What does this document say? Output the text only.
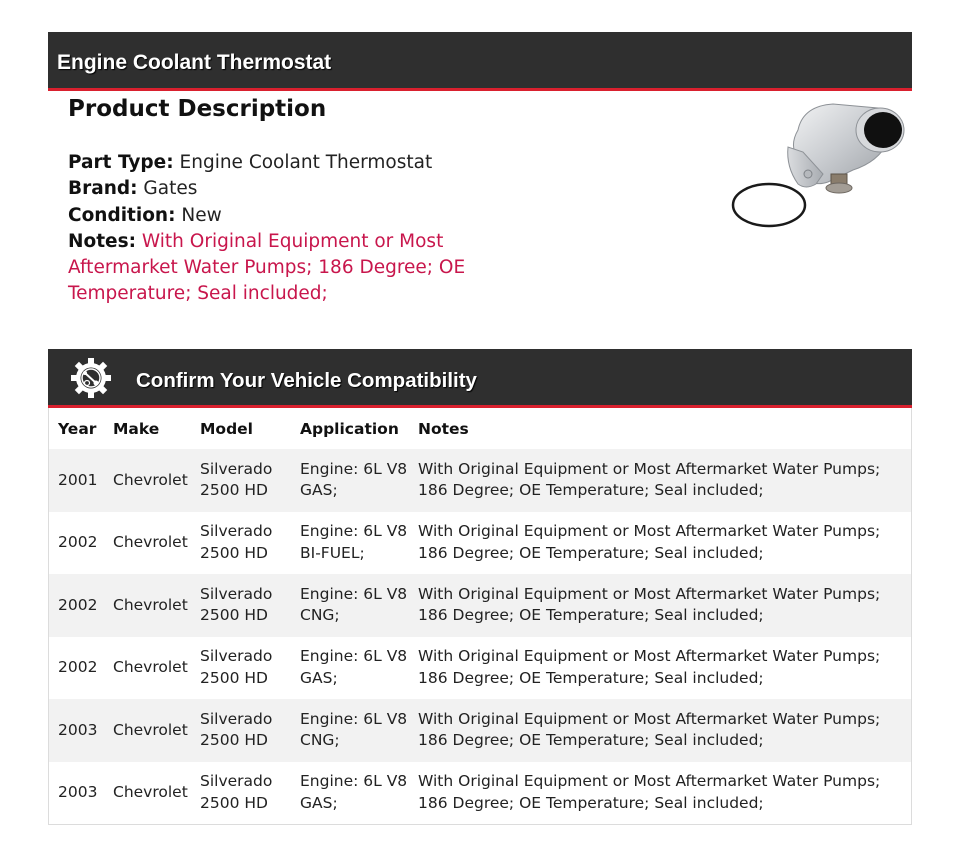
Engine Coolant Thermostat
Product Description
Part Type: Engine Coolant Thermostat
Brand: Gates
Condition: New
Notes: With Original Equipment or Most Aftermarket Water Pumps; 186 Degree; OE Temperature; Seal included;
Confirm Your Vehicle Compatibility
Year	Make	Model	Application	Notes
2001	Chevrolet	Silverado 2500 HD	Engine: 6L V8 GAS;	With Original Equipment or Most Aftermarket Water Pumps; 186 Degree; OE Temperature; Seal included;
2002	Chevrolet	Silverado 2500 HD	Engine: 6L V8 BI-FUEL;	With Original Equipment or Most Aftermarket Water Pumps; 186 Degree; OE Temperature; Seal included;
2002	Chevrolet	Silverado 2500 HD	Engine: 6L V8 CNG;	With Original Equipment or Most Aftermarket Water Pumps; 186 Degree; OE Temperature; Seal included;
2002	Chevrolet	Silverado 2500 HD	Engine: 6L V8 GAS;	With Original Equipment or Most Aftermarket Water Pumps; 186 Degree; OE Temperature; Seal included;
2003	Chevrolet	Silverado 2500 HD	Engine: 6L V8 CNG;	With Original Equipment or Most Aftermarket Water Pumps; 186 Degree; OE Temperature; Seal included;
2003	Chevrolet	Silverado 2500 HD	Engine: 6L V8 GAS;	With Original Equipment or Most Aftermarket Water Pumps; 186 Degree; OE Temperature; Seal included;
